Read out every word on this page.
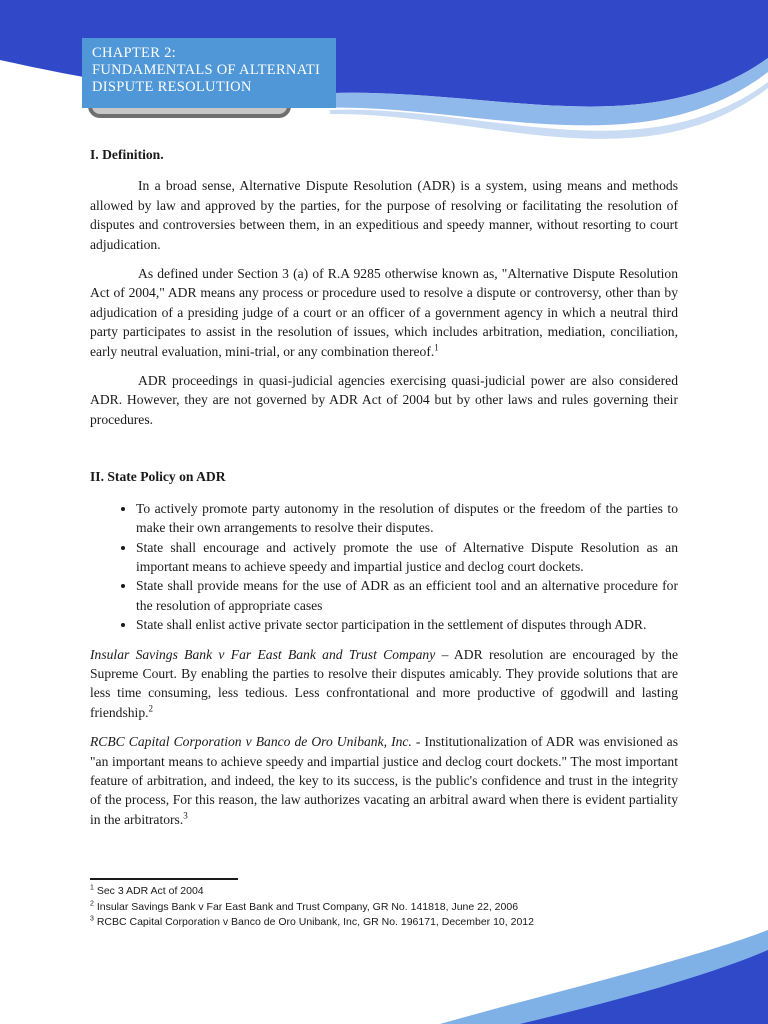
CHAPTER 2:
FUNDAMENTALS OF ALTERNATI
DISPUTE RESOLUTION
I. Definition.

In a broad sense, Alternative Dispute Resolution (ADR) is a system, using means and methods allowed by law and approved by the parties, for the purpose of resolving or facilitating the resolution of disputes and controversies between them, in an expeditious and speedy manner, without resorting to court adjudication.

As defined under Section 3 (a) of R.A 9285 otherwise known as, "Alternative Dispute Resolution Act of 2004," ADR means any process or procedure used to resolve a dispute or controversy, other than by adjudication of a presiding judge of a court or an officer of a government agency in which a neutral third party participates to assist in the resolution of issues, which includes arbitration, mediation, conciliation, early neutral evaluation, mini-trial, or any combination thereof.$^1$

ADR proceedings in quasi-judicial agencies exercising quasi-judicial power are also considered ADR. However, they are not governed by ADR Act of 2004 but by other laws and rules governing their procedures.

II. State Policy on ADR
• To actively promote party autonomy in the resolution of disputes or the freedom of the parties to make their own arrangements to resolve their disputes.
• State shall encourage and actively promote the use of Alternative Dispute Resolution as an important means to achieve speedy and impartial justice and declog court dockets.
• State shall provide means for the use of ADR as an efficient tool and an alternative procedure for the resolution of appropriate cases
• State shall enlist active private sector participation in the settlement of disputes through ADR.

Insular Savings Bank v Far East Bank and Trust Company – ADR resolution are encouraged by the Supreme Court. By enabling the parties to resolve their disputes amicably. They provide solutions that are less time consuming, less tedious. Less confrontational and more productive of ggodwill and lasting friendship.$^2$

RCBC Capital Corporation v Banco de Oro Unibank, Inc. - Institutionalization of ADR was envisioned as "an important means to achieve speedy and impartial justice and declog court dockets." The most important feature of arbitration, and indeed, the key to its success, is the public's confidence and trust in the integrity of the process, For this reason, the law authorizes vacating an arbitral award when there is evident partiality in the arbitrators.$^3$

$^1$ Sec 3 ADR Act of 2004
$^2$ Insular Savings Bank v Far East Bank and Trust Company, GR No. 141818, June 22, 2006
$^3$ RCBC Capital Corporation v Banco de Oro Unibank, Inc, GR No. 196171, December 10, 2012
